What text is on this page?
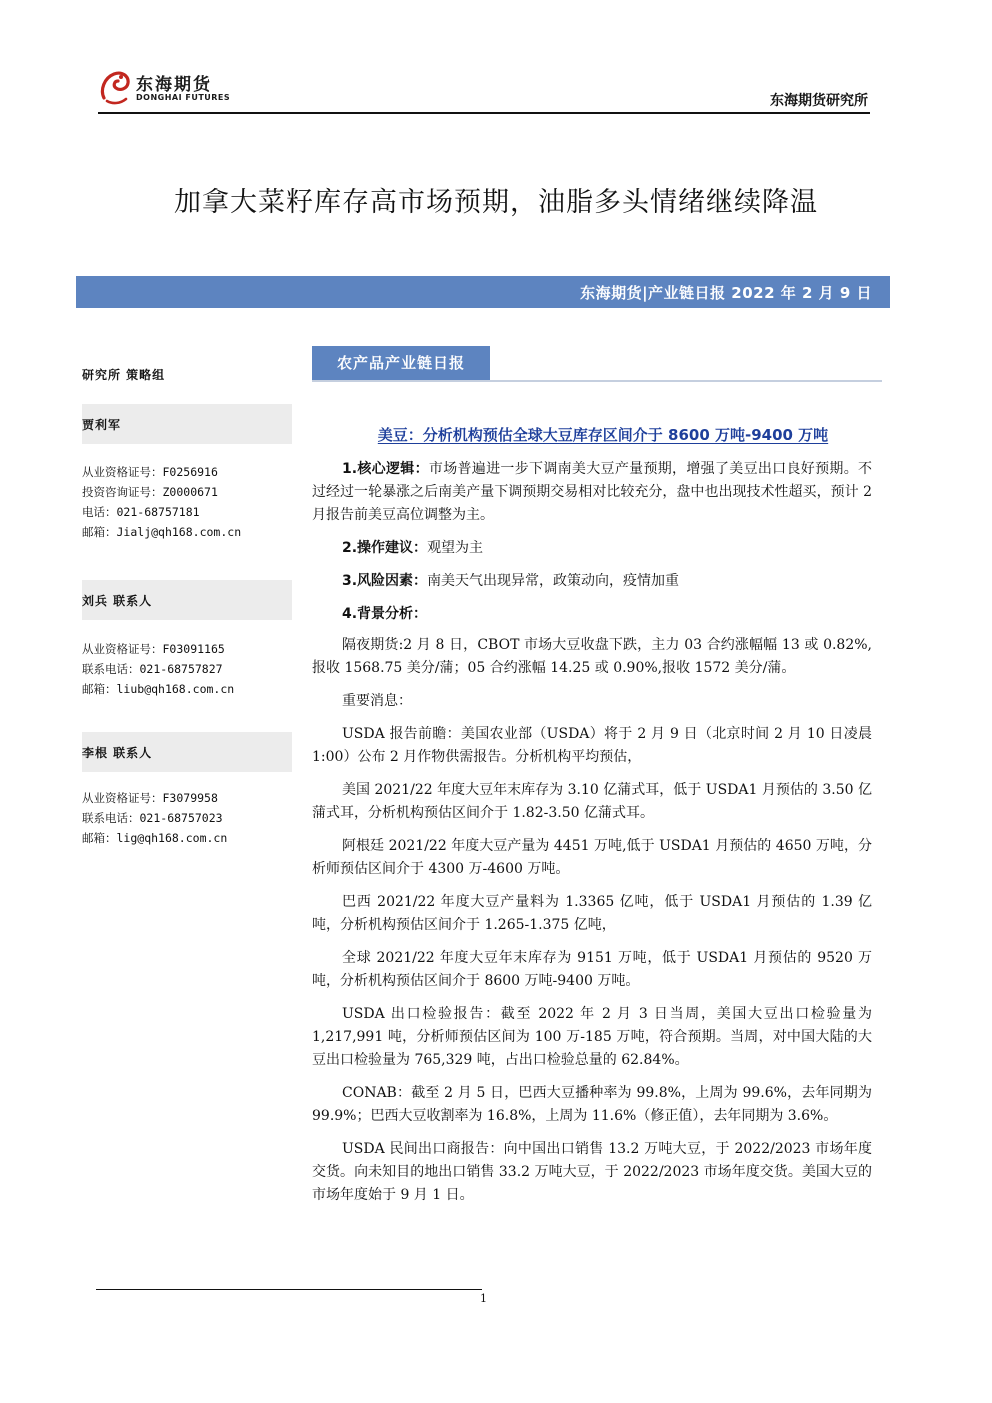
东海期货
DONGHAI FUTURES	东海期货研究所
加拿大菜籽库存高市场预期，油脂多头情绪继续降温
东海期货|产业链日报 2022 年 2 月 9 日
研究所 策略组
贾利军
从业资格证号：F0256916
投资咨询证号：Z0000671
电话：021-68757181
邮箱：Jialj@qh168.com.cn
刘兵 联系人
从业资格证号：F03091165
联系电话：021-68757827
邮箱：liub@qh168.com.cn
李根 联系人
从业资格证号：F3079958
联系电话：021-68757023
邮箱：lig@qh168.com.cn
农产品产业链日报
美豆：分析机构预估全球大豆库存区间介于 8600 万吨-9400 万吨

1.核心逻辑：市场普遍进一步下调南美大豆产量预期，增强了美豆出口良好预期。不过经过一轮暴涨之后南美产量下调预期交易相对比较充分，盘中也出现技术性超买，预计 2 月报告前美豆高位调整为主。

2.操作建议：观望为主

3.风险因素：南美天气出现异常，政策动向，疫情加重

4.背景分析：

隔夜期货:2 月 8 日，CBOT 市场大豆收盘下跌，主力 03 合约涨幅幅 13 或 0.82%,报收 1568.75 美分/蒲；05 合约涨幅 14.25 或 0.90%,报收 1572 美分/蒲。

重要消息：

USDA 报告前瞻：美国农业部（USDA）将于 2 月 9 日（北京时间 2 月 10 日凌晨 1:00）公布 2 月作物供需报告。分析机构平均预估，

美国 2021/22 年度大豆年末库存为 3.10 亿蒲式耳，低于 USDA1 月预估的 3.50 亿蒲式耳，分析机构预估区间介于 1.82-3.50 亿蒲式耳。

阿根廷 2021/22 年度大豆产量为 4451 万吨,低于 USDA1 月预估的 4650 万吨，分析师预估区间介于 4300 万-4600 万吨。

巴西 2021/22 年度大豆产量料为 1.3365 亿吨，低于 USDA1 月预估的 1.39 亿吨，分析机构预估区间介于 1.265-1.375 亿吨，

全球 2021/22 年度大豆年末库存为 9151 万吨，低于 USDA1 月预估的 9520 万吨，分析机构预估区间介于 8600 万吨-9400 万吨。

USDA 出口检验报告：截至 2022 年 2 月 3 日当周，美国大豆出口检验量为 1,217,991 吨，分析师预估区间为 100 万-185 万吨，符合预期。当周，对中国大陆的大豆出口检验量为 765,329 吨，占出口检验总量的 62.84%。

CONAB：截至 2 月 5 日，巴西大豆播种率为 99.8%，上周为 99.6%，去年同期为 99.9%；巴西大豆收割率为 16.8%，上周为 11.6%（修正值），去年同期为 3.6%。

USDA 民间出口商报告：向中国出口销售 13.2 万吨大豆，于 2022/2023 市场年度交货。向未知目的地出口销售 33.2 万吨大豆，于 2022/2023 市场年度交货。美国大豆的市场年度始于 9 月 1 日。

1
